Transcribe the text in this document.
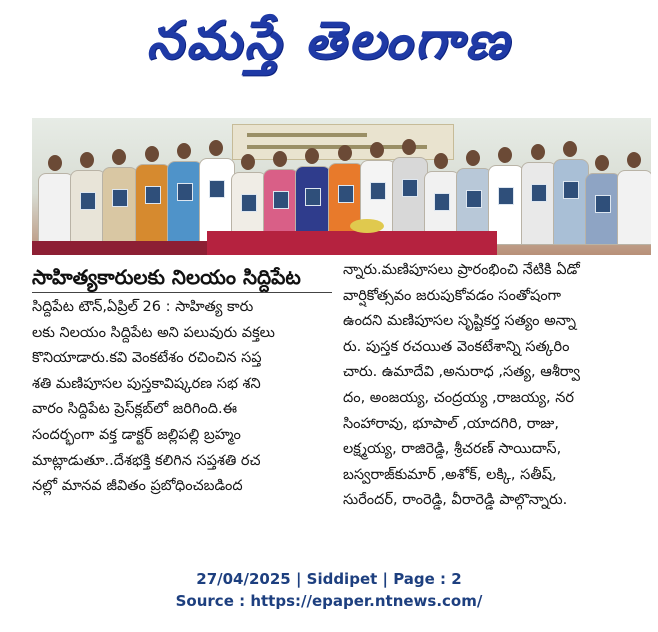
నమస్తే తెలంగాణ
సాహిత్యకారులకు నిలయం సిద్దిపేట

సిద్దిపేట టౌన్,ఏప్రిల్ 26 : సాహిత్య కారు

లకు నిలయం సిద్దిపేట అని పలువురు వక్తలు

కొనియాడారు.కవి వెంకటేశం రచించిన సప్త

శతి మణిపూసల పుస్తకావిష్కరణ సభ శని

వారం సిద్దిపేట ప్రెస్‌క్లబ్‌లో జరిగింది.ఈ

సందర్భంగా వక్త డాక్టర్ జల్లిపల్లి బ్రహ్మం

మాట్లాడుతూ..దేశభక్తి కలిగిన సప్తశతి రచ

నల్లో మానవ జీవితం ప్రబోధించబడింద

న్నారు.మణిపూసలు ప్రారంభించి నేటికి ఏడో

వార్షికోత్సవం జరుపుకోవడం సంతోషంగా

ఉందని మణిపూసల సృష్టికర్త సత్యం అన్నా

రు. పుస్తక రచయిత వెంకటేశాన్ని సత్కరిం

చారు. ఉమాదేవి ,అనురాధ ,సత్య, ఆశీర్వా

దం, అంజయ్య, చంద్రయ్య ,రాజయ్య, నర

సింహారావు, భూపాల్ ,యాదగిరి, రాజు,

లక్ష్మయ్య, రాజిరెడ్డి, శ్రీచరణ్ సాయిదాస్,

బస్వరాజ్‌కుమార్ ,అశోక్, లక్కి, సతీష్,

సురేందర్, రాంరెడ్డి, వీరారెడ్డి పాల్గొన్నారు.

27/04/2025 | Siddipet | Page : 2
Source : https://epaper.ntnews.com/
